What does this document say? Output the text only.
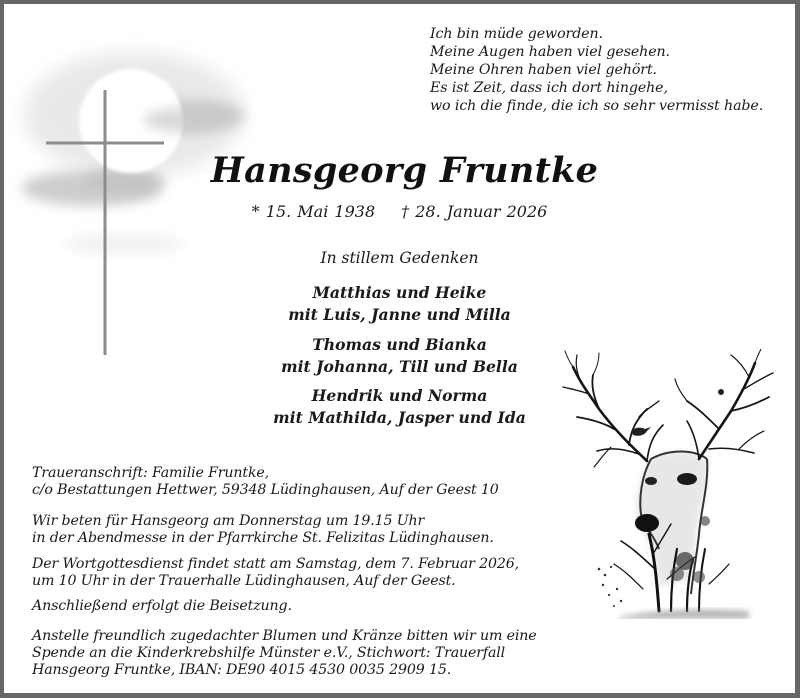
Ich bin müde geworden.
Meine Augen haben viel gesehen.
Meine Ohren haben viel gehört.
Es ist Zeit, dass ich dort hingehe,
wo ich die finde, die ich so sehr vermisst habe.
Hansgeorg Fruntke
* 15. Mai 1938 † 28. Januar 2026
In stillem Gedenken
Matthias und Heike
mit Luis, Janne und Milla
Thomas und Bianka
mit Johanna, Till und Bella
Hendrik und Norma
mit Mathilda, Jasper und Ida
Traueranschrift: Familie Fruntke,
c/o Bestattungen Hettwer, 59348 Lüdinghausen, Auf der Geest 10
Wir beten für Hansgeorg am Donnerstag um 19.15 Uhr
in der Abendmesse in der Pfarrkirche St. Felizitas Lüdinghausen.
Der Wortgottesdienst findet statt am Samstag, dem 7. Februar 2026,
um 10 Uhr in der Trauerhalle Lüdinghausen, Auf der Geest.
Anschließend erfolgt die Beisetzung.
Anstelle freundlich zugedachter Blumen und Kränze bitten wir um eine
Spende an die Kinderkrebshilfe Münster e.V., Stichwort: Trauerfall
Hansgeorg Fruntke, IBAN: DE90 4015 4530 0035 2909 15.
